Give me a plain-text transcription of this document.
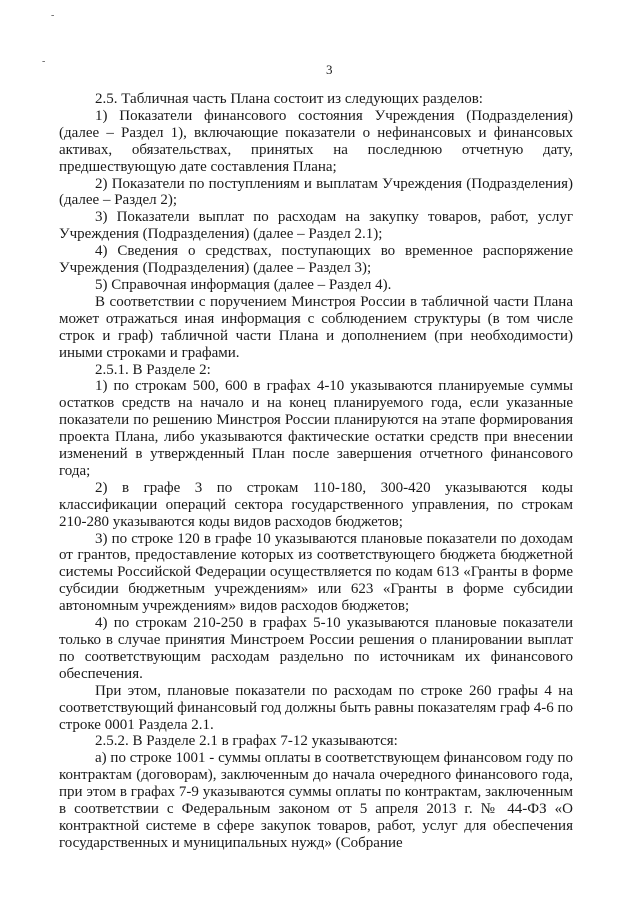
-
-
3

2.5. Табличная часть Плана состоит из следующих разделов:

1) Показатели финансового состояния Учреждения (Подразделения) (далее – Раздел 1), включающие показатели о нефинансовых и финансовых активах, обязательствах, принятых на последнюю отчетную дату, предшествующую дате составления Плана;

2) Показатели по поступлениям и выплатам Учреждения (Подразделения) (далее – Раздел 2);

3) Показатели выплат по расходам на закупку товаров, работ, услуг Учреждения (Подразделения) (далее – Раздел 2.1);

4) Сведения о средствах, поступающих во временное распоряжение Учреждения (Подразделения) (далее – Раздел 3);

5) Справочная информация (далее – Раздел 4).

В соответствии с поручением Минстроя России в табличной части Плана может отражаться иная информация с соблюдением структуры (в том числе строк и граф) табличной части Плана и дополнением (при необходимости) иными строками и графами.

2.5.1. В Разделе 2:

1) по строкам 500, 600 в графах 4-10 указываются планируемые суммы остатков средств на начало и на конец планируемого года, если указанные показатели по решению Минстроя России планируются на этапе формирования проекта Плана, либо указываются фактические остатки средств при внесении изменений в утвержденный План после завершения отчетного финансового года;

2) в графе 3 по строкам 110-180, 300-420 указываются коды классификации операций сектора государственного управления, по строкам 210-280 указываются коды видов расходов бюджетов;

3) по строке 120 в графе 10 указываются плановые показатели по доходам от грантов, предоставление которых из соответствующего бюджета бюджетной системы Российской Федерации осуществляется по кодам 613 «Гранты в форме субсидии бюджетным учреждениям» или 623 «Гранты в форме субсидии автономным учреждениям» видов расходов бюджетов;

4) по строкам 210-250 в графах 5-10 указываются плановые показатели только в случае принятия Минстроем России решения о планировании выплат по соответствующим расходам раздельно по источникам их финансового обеспечения.

При этом, плановые показатели по расходам по строке 260 графы 4 на соответствующий финансовый год должны быть равны показателям граф 4-6 по строке 0001 Раздела 2.1.

2.5.2. В Разделе 2.1 в графах 7-12 указываются:

а) по строке 1001 - суммы оплаты в соответствующем финансовом году по контрактам (договорам), заключенным до начала очередного финансового года, при этом в графах 7-9 указываются суммы оплаты по контрактам, заключенным в соответствии с Федеральным законом от 5 апреля 2013 г. № 44-ФЗ «О контрактной системе в сфере закупок товаров, работ, услуг для обеспечения государственных и муниципальных нужд» (Собрание
